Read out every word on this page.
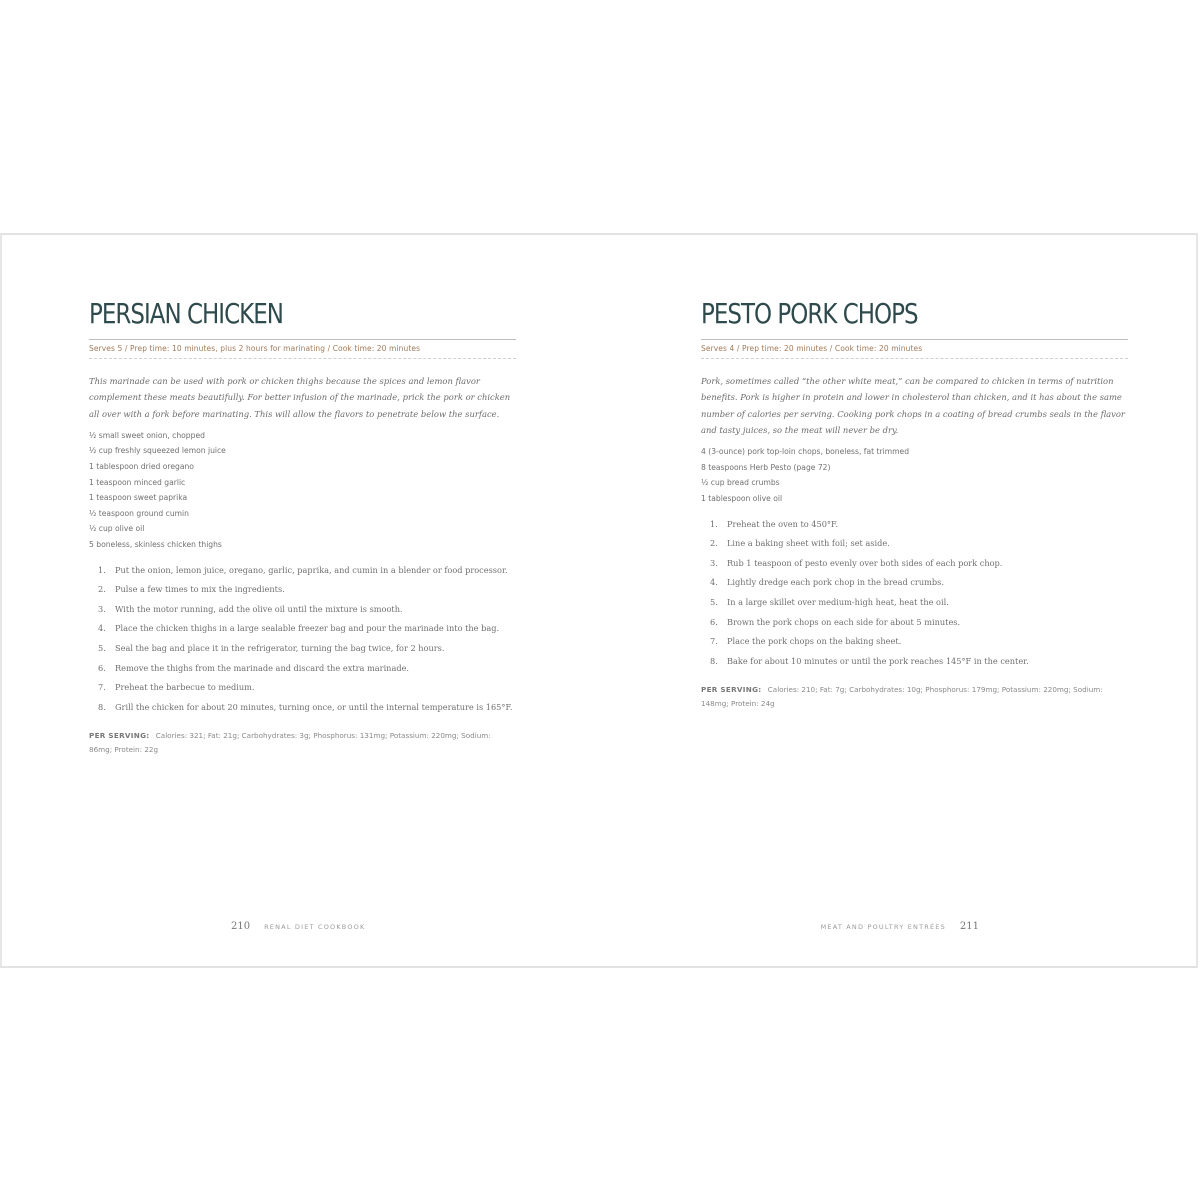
PERSIAN CHICKEN
Serves 5 / Prep time: 10 minutes, plus 2 hours for marinating / Cook time: 20 minutes

This marinade can be used with pork or chicken thighs because the spices and lemon flavor complement these meats beautifully. For better infusion of the marinade, prick the pork or chicken all over with a fork before marinating. This will allow the flavors to penetrate below the surface.

½ small sweet onion, chopped
½ cup freshly squeezed lemon juice
1 tablespoon dried oregano
1 teaspoon minced garlic
1 teaspoon sweet paprika
½ teaspoon ground cumin
½ cup olive oil
5 boneless, skinless chicken thighs
1.	Put the onion, lemon juice, oregano, garlic, paprika, and cumin in a blender or food processor.
2.	Pulse a few times to mix the ingredients.
3.	With the motor running, add the olive oil until the mixture is smooth.
4.	Place the chicken thighs in a large sealable freezer bag and pour the marinade into the bag.
5.	Seal the bag and place it in the refrigerator, turning the bag twice, for 2 hours.
6.	Remove the thighs from the marinade and discard the extra marinade.
7.	Preheat the barbecue to medium.
8.	Grill the chicken for about 20 minutes, turning once, or until the internal temperature is 165°F.
PER SERVING: Calories: 321; Fat: 21g; Carbohydrates: 3g; Phosphorus: 131mg; Potassium: 220mg; Sodium: 86mg; Protein: 22g
210 RENAL DIET COOKBOOK
PESTO PORK CHOPS
Serves 4 / Prep time: 20 minutes / Cook time: 20 minutes

Pork, sometimes called “the other white meat,” can be compared to chicken in terms of nutrition benefits. Pork is higher in protein and lower in cholesterol than chicken, and it has about the same number of calories per serving. Cooking pork chops in a coating of bread crumbs seals in the flavor and tasty juices, so the meat will never be dry.

4 (3-ounce) pork top-loin chops, boneless, fat trimmed
8 teaspoons Herb Pesto (page 72)
½ cup bread crumbs
1 tablespoon olive oil
1.	Preheat the oven to 450°F.
2.	Line a baking sheet with foil; set aside.
3.	Rub 1 teaspoon of pesto evenly over both sides of each pork chop.
4.	Lightly dredge each pork chop in the bread crumbs.
5.	In a large skillet over medium-high heat, heat the oil.
6.	Brown the pork chops on each side for about 5 minutes.
7.	Place the pork chops on the baking sheet.
8.	Bake for about 10 minutes or until the pork reaches 145°F in the center.
PER SERVING: Calories: 210; Fat: 7g; Carbohydrates: 10g; Phosphorus: 179mg; Potassium: 220mg; Sodium: 148mg; Protein: 24g
MEAT AND POULTRY ENTRÉES 211
